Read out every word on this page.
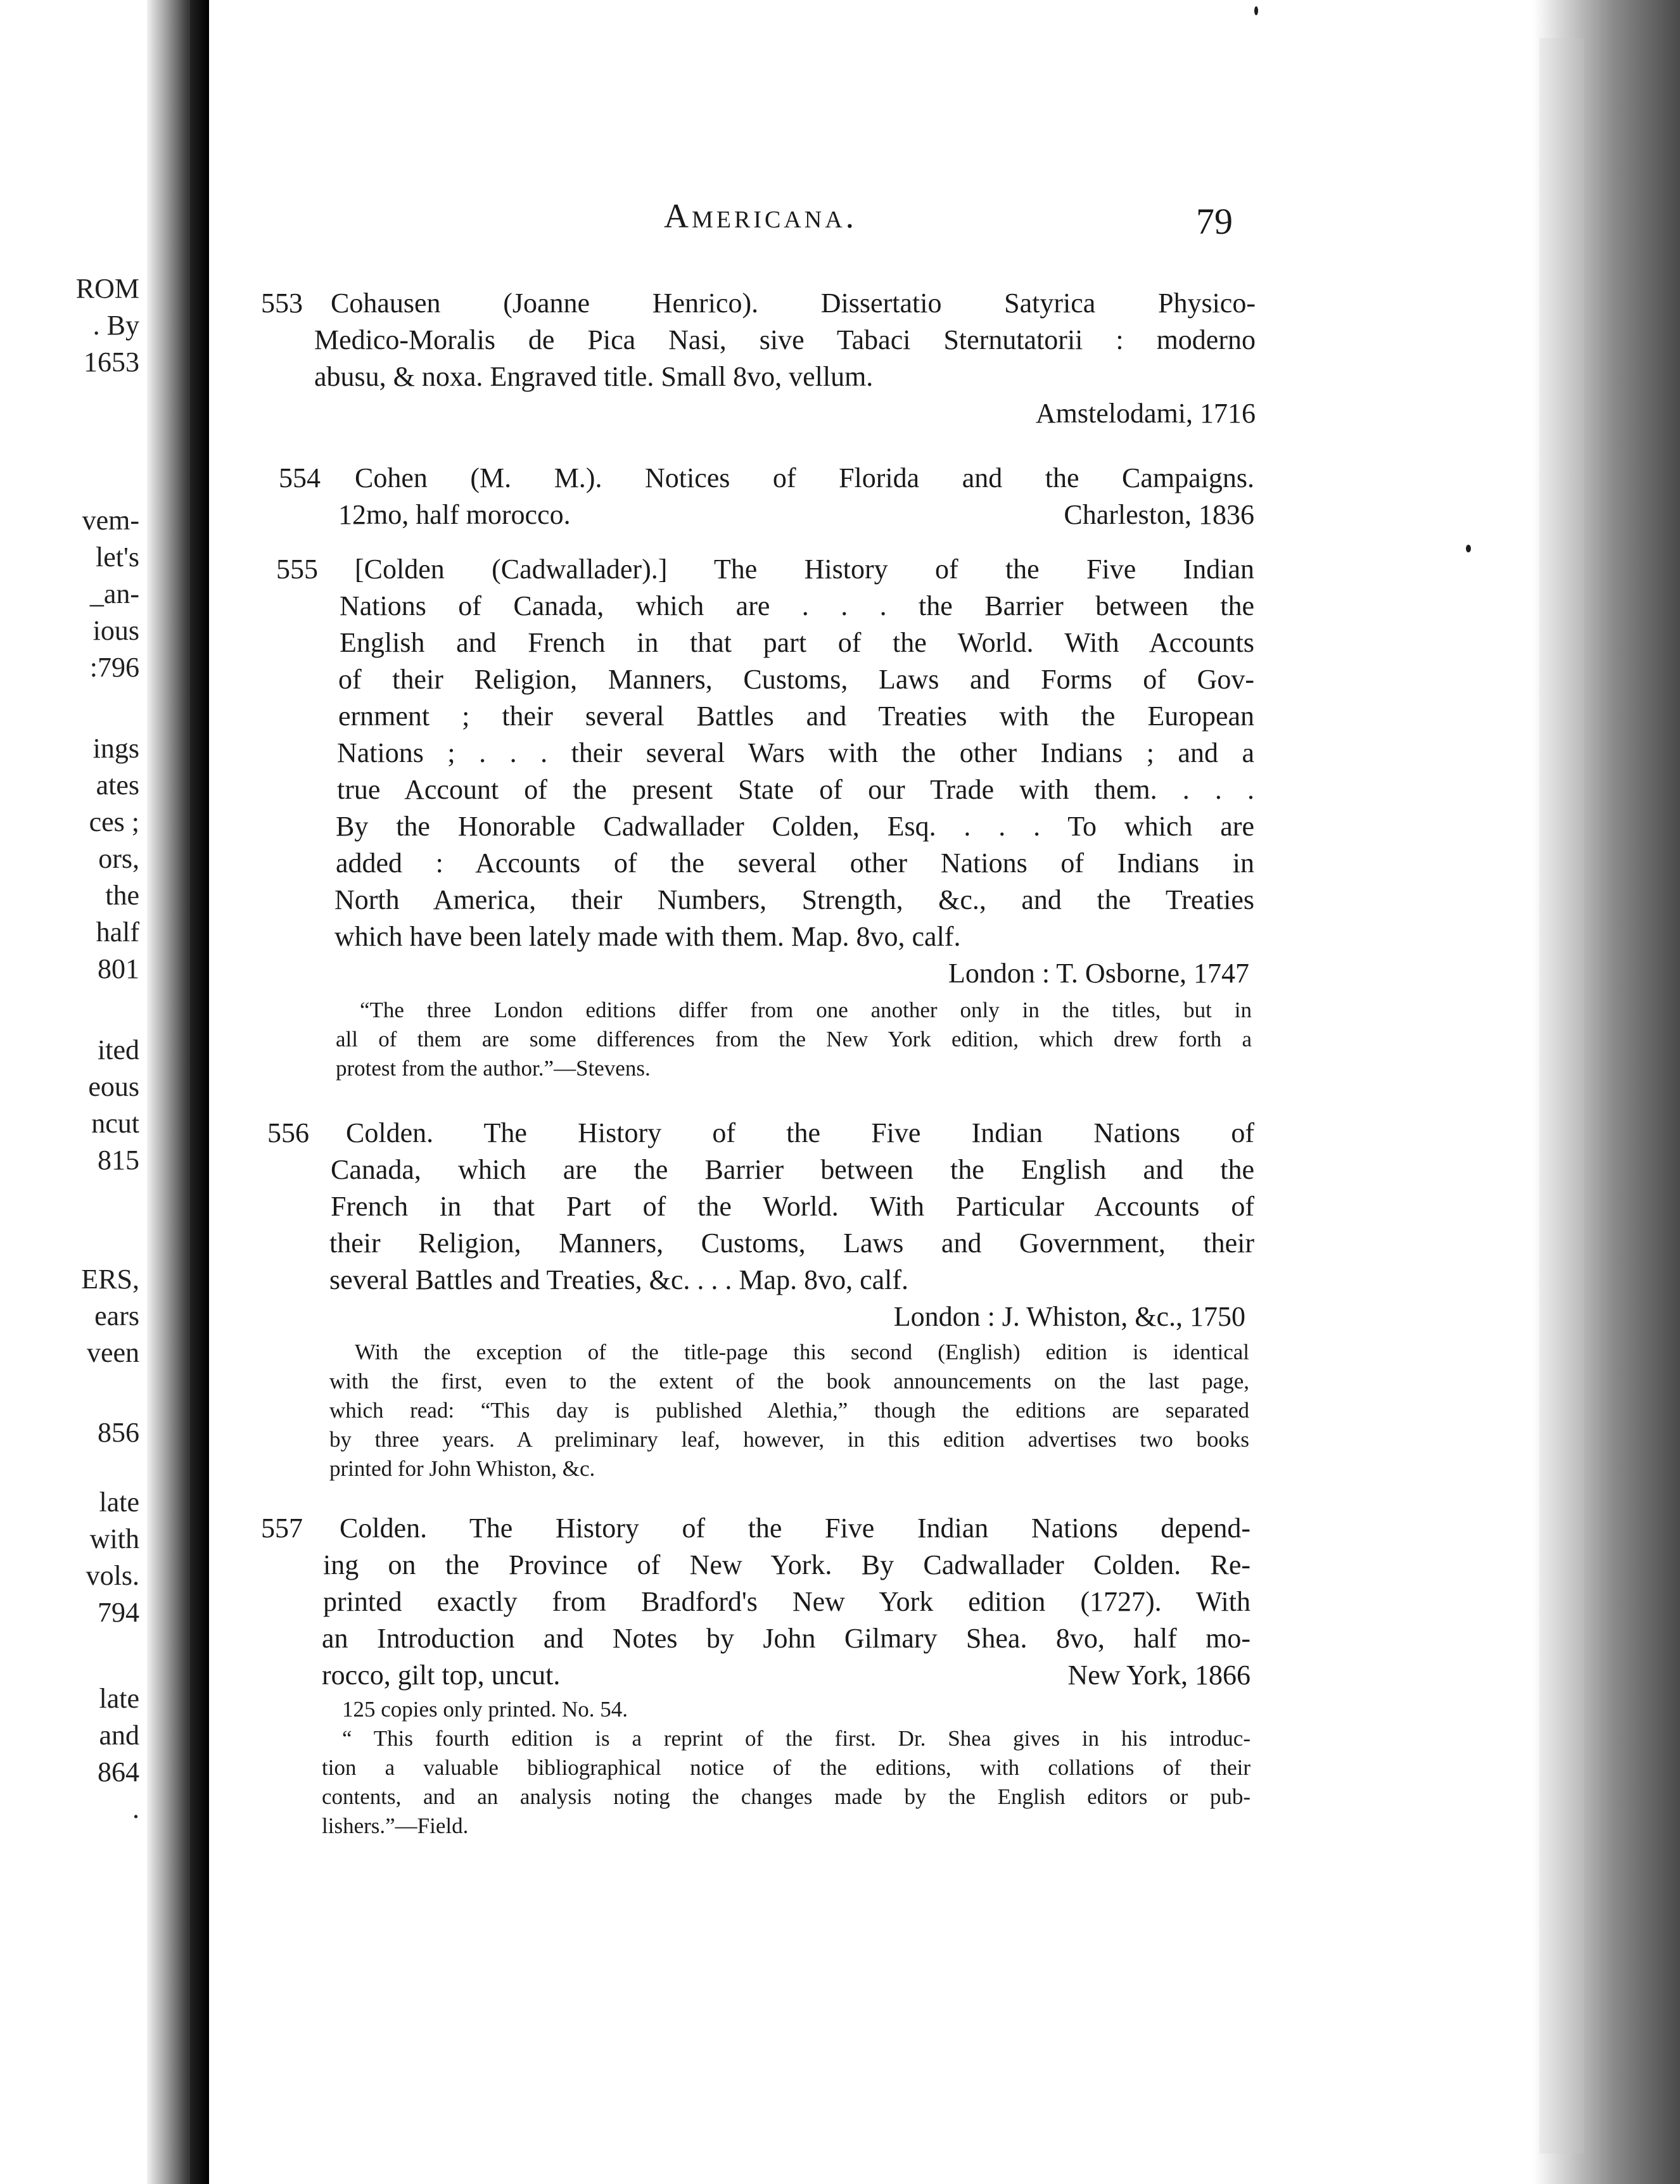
ROM
. By
1653
vem-
let's
_an-
ious
:796
ings
ates
ces ;
ors,
the
half
801
ited
eous
ncut
815
ERS,
ears
veen
856
late
with
vols.
794
late
and
864
.
Americana.	79
553 Cohausen (Joanne Henrico). Dissertatio Satyrica Physico-
Medico-Moralis de Pica Nasi, sive Tabaci Sternutatorii : moderno
abusu, & noxa. Engraved title. Small 8vo, vellum.
Amstelodami, 1716
554 Cohen (M. M.). Notices of Florida and the Campaigns.
12mo, half morocco.	Charleston, 1836
555 [Colden (Cadwallader).] The History of the Five Indian
Nations of Canada, which are . . . the Barrier between the
English and French in that part of the World. With Accounts
of their Religion, Manners, Customs, Laws and Forms of Gov-
ernment ; their several Battles and Treaties with the European
Nations ; . . . their several Wars with the other Indians ; and a
true Account of the present State of our Trade with them. . . .
By the Honorable Cadwallader Colden, Esq. . . . To which are
added : Accounts of the several other Nations of Indians in
North America, their Numbers, Strength, &c., and the Treaties
which have been lately made with them. Map. 8vo, calf.
London : T. Osborne, 1747
“The three London editions differ from one another only in the titles, but in
all of them are some differences from the New York edition, which drew forth a
protest from the author.”—Stevens.
556 Colden. The History of the Five Indian Nations of
Canada, which are the Barrier between the English and the
French in that Part of the World. With Particular Accounts of
their Religion, Manners, Customs, Laws and Government, their
several Battles and Treaties, &c. . . . Map. 8vo, calf.
London : J. Whiston, &c., 1750
With the exception of the title-page this second (English) edition is identical
with the first, even to the extent of the book announcements on the last page,
which read: “This day is published Alethia,” though the editions are separated
by three years. A preliminary leaf, however, in this edition advertises two books
printed for John Whiston, &c.
557 Colden. The History of the Five Indian Nations depend-
ing on the Province of New York. By Cadwallader Colden. Re-
printed exactly from Bradford's New York edition (1727). With
an Introduction and Notes by John Gilmary Shea. 8vo, half mo-
rocco, gilt top, uncut.	New York, 1866
125 copies only printed. No. 54.
“ This fourth edition is a reprint of the first. Dr. Shea gives in his introduc-
tion a valuable bibliographical notice of the editions, with collations of their
contents, and an analysis noting the changes made by the English editors or pub-
lishers.”—Field.
